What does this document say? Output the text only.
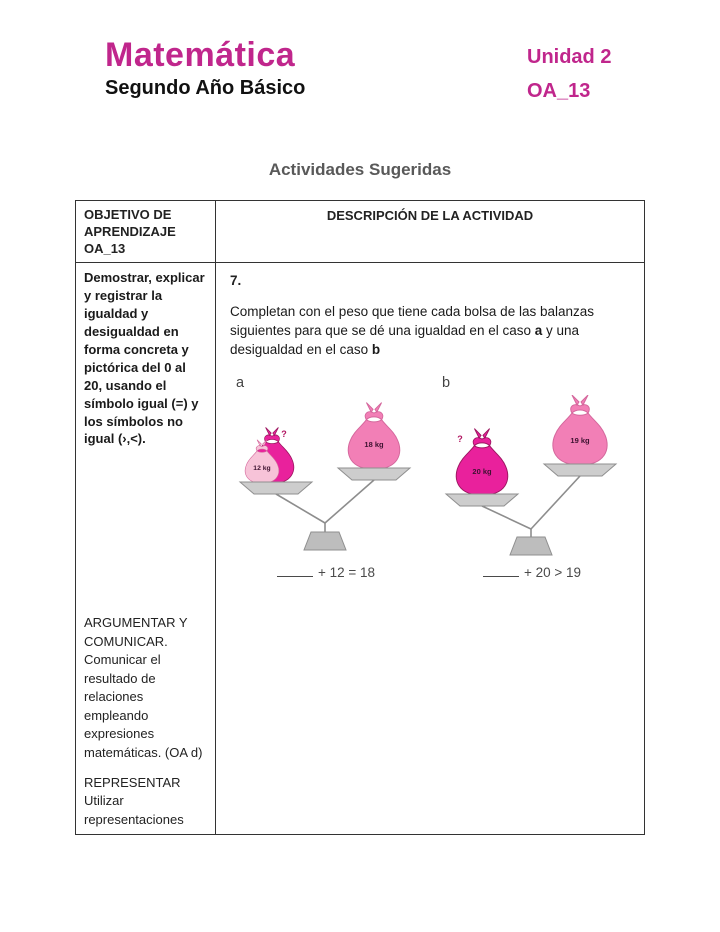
Matemática
Segundo Año Básico
Unidad 2
OA_13
Actividades Sugeridas
OBJETIVO DE APRENDIZAJE OA_13
DESCRIPCIÓN DE LA ACTIVIDAD
Demostrar, explicar y registrar la igualdad y desigualdad en forma concreta y pictórica del 0 al 20, usando el símbolo igual (=) y los símbolos no igual (›,<).
ARGUMENTAR Y COMUNICAR.
Comunicar el resultado de relaciones empleando expresiones matemáticas. (OA d)
REPRESENTAR
Utilizar representaciones
7.
Completan con el peso que tiene cada bolsa de las balanzas siguientes para que se dé una igualdad en el caso a y una desigualdad en el caso b
a
?
12 kg
18 kg
+ 12 = 18
b
?
20 kg
19 kg
+ 20 > 19
